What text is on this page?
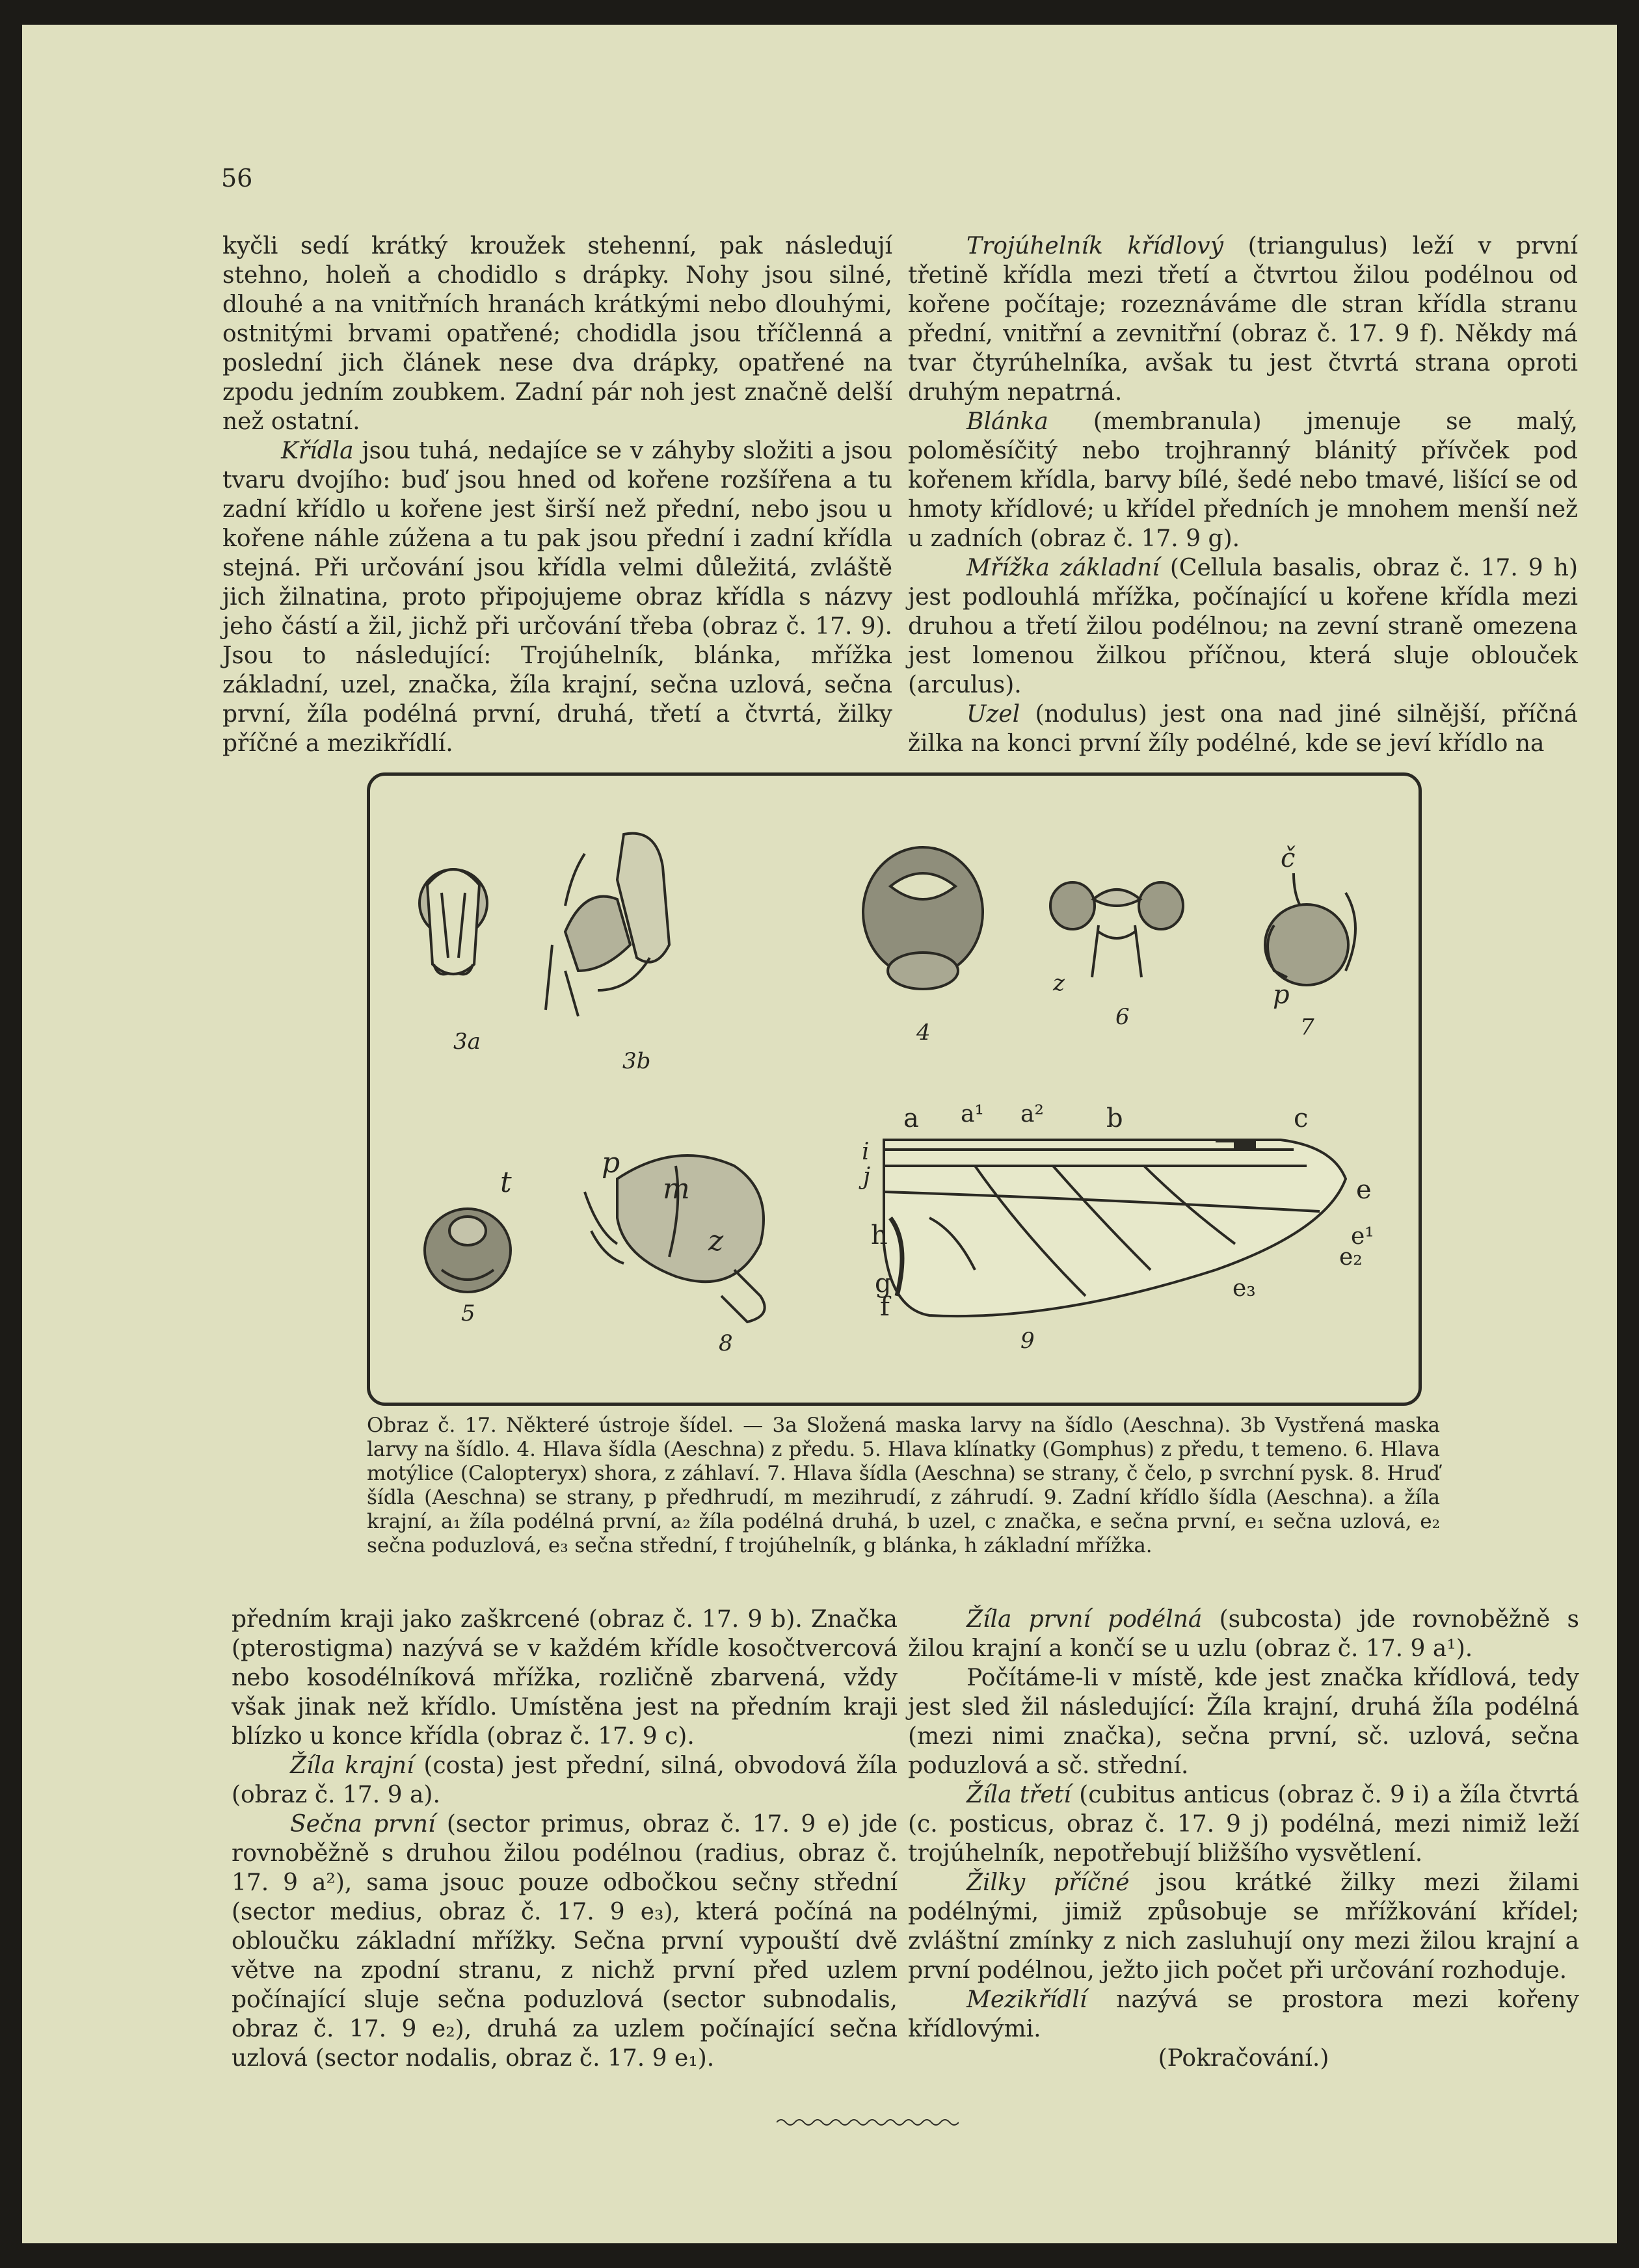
56

kyčli sedí krátký kroužek stehenní, pak následují stehno, holeň a chodidlo s drápky. Nohy jsou silné, dlouhé a na vnitřních hranách krátkými nebo dlouhými, ostnitými brvami opatřené; chodidla jsou tříčlenná a poslední jich článek nese dva drápky, opatřené na zpodu jedním zoubkem. Zadní pár noh jest značně delší než ostatní.

Křídla jsou tuhá, nedajíce se v záhyby složiti a jsou tvaru dvojího: buď jsou hned od kořene rozšířena a tu zadní křídlo u kořene jest širší než přední, nebo jsou u kořene náhle zúžena a tu pak jsou přední i zadní křídla stejná. Při určování jsou křídla velmi důležitá, zvláště jich žilnatina, proto připojujeme obraz křídla s názvy jeho částí a žil, jichž při určování třeba (obraz č. 17. 9). Jsou to následující: Trojúhelník, blánka, mřížka základní, uzel, značka, žíla krajní, sečna uzlová, sečna první, žíla podélná první, druhá, třetí a čtvrtá, žilky příčné a mezikřídlí.

Trojúhelník křídlový (triangulus) leží v první třetině křídla mezi třetí a čtvrtou žilou podélnou od kořene počítaje; rozeznáváme dle stran křídla stranu přední, vnitřní a zevnitřní (obraz č. 17. 9 f). Někdy má tvar čtyrúhelníka, avšak tu jest čtvrtá strana oproti druhým nepatrná.

Blánka (membranula) jmenuje se malý, poloměsíčitý nebo trojhranný blánitý přívček pod kořenem křídla, barvy bílé, šedé nebo tmavé, lišící se od hmoty křídlové; u křídel předních je mnohem menší než u zadních (obraz č. 17. 9 g).

Mřížka základní (Cellula basalis, obraz č. 17. 9 h) jest podlouhlá mřížka, počínající u kořene křídla mezi druhou a třetí žilou podélnou; na zevní straně omezena jest lomenou žilkou příčnou, která sluje oblouček (arculus).

Uzel (nodulus) jest ona nad jiné silnější, příčná žilka na konci první žíly podélné, kde se jeví křídlo na

3a
3b
4
6	7
z
č
p
5
t
8
p
m
z
9
a a¹ a² b	c
i
j
h
g
f
e
e¹
e₂
e₃

Obraz č. 17. Některé ústroje šídel. — 3a Složená maska larvy na šídlo (Aeschna). 3b Vystřená maska larvy na šídlo. 4. Hlava šídla (Aeschna) z předu. 5. Hlava klínatky (Gomphus) z předu, t temeno. 6. Hlava motýlice (Calopteryx) shora, z záhlaví. 7. Hlava šídla (Aeschna) se strany, č čelo, p svrchní pysk. 8. Hruď šídla (Aeschna) se strany, p předhrudí, m mezihrudí, z záhrudí. 9. Zadní křídlo šídla (Aeschna). a žíla krajní, a₁ žíla podélná první, a₂ žíla podélná druhá, b uzel, c značka, e sečna první, e₁ sečna uzlová, e₂ sečna poduzlová, e₃ sečna střední, f trojúhelník, g blánka, h základní mřížka.

předním kraji jako zaškrcené (obraz č. 17. 9 b). Značka (pterostigma) nazývá se v každém křídle kosočtvercová nebo kosodélníková mřížka, rozličně zbarvená, vždy však jinak než křídlo. Umístěna jest na předním kraji blízko u konce křídla (obraz č. 17. 9 c).

Žíla krajní (costa) jest přední, silná, obvodová žíla (obraz č. 17. 9 a).

Sečna první (sector primus, obraz č. 17. 9 e) jde rovnoběžně s druhou žilou podélnou (radius, obraz č. 17. 9 a²), sama jsouc pouze odbočkou sečny střední (sector medius, obraz č. 17. 9 e₃), která počíná na obloučku základní mřížky. Sečna první vypouští dvě větve na zpodní stranu, z nichž první před uzlem počínající sluje sečna poduzlová (sector subnodalis, obraz č. 17. 9 e₂), druhá za uzlem počínající sečna uzlová (sector nodalis, obraz č. 17. 9 e₁).

Žíla první podélná (subcosta) jde rovnoběžně s žilou krajní a končí se u uzlu (obraz č. 17. 9 a¹).

Počítáme-li v místě, kde jest značka křídlová, tedy jest sled žil následující: Žíla krajní, druhá žíla podélná (mezi nimi značka), sečna první, sč. uzlová, sečna poduzlová a sč. střední.

Žíla třetí (cubitus anticus (obraz č. 9 i) a žíla čtvrtá (c. posticus, obraz č. 17. 9 j) podélná, mezi nimiž leží trojúhelník, nepotřebují bližšího vysvětlení.

Žilky příčné jsou krátké žilky mezi žilami podélnými, jimiž způsobuje se mřížkování křídel; zvláštní zmínky z nich zasluhují ony mezi žilou krajní a první podélnou, ježto jich počet při určování rozhoduje.

Mezikřídlí nazývá se prostora mezi kořeny křídlovými.

(Pokračování.)
